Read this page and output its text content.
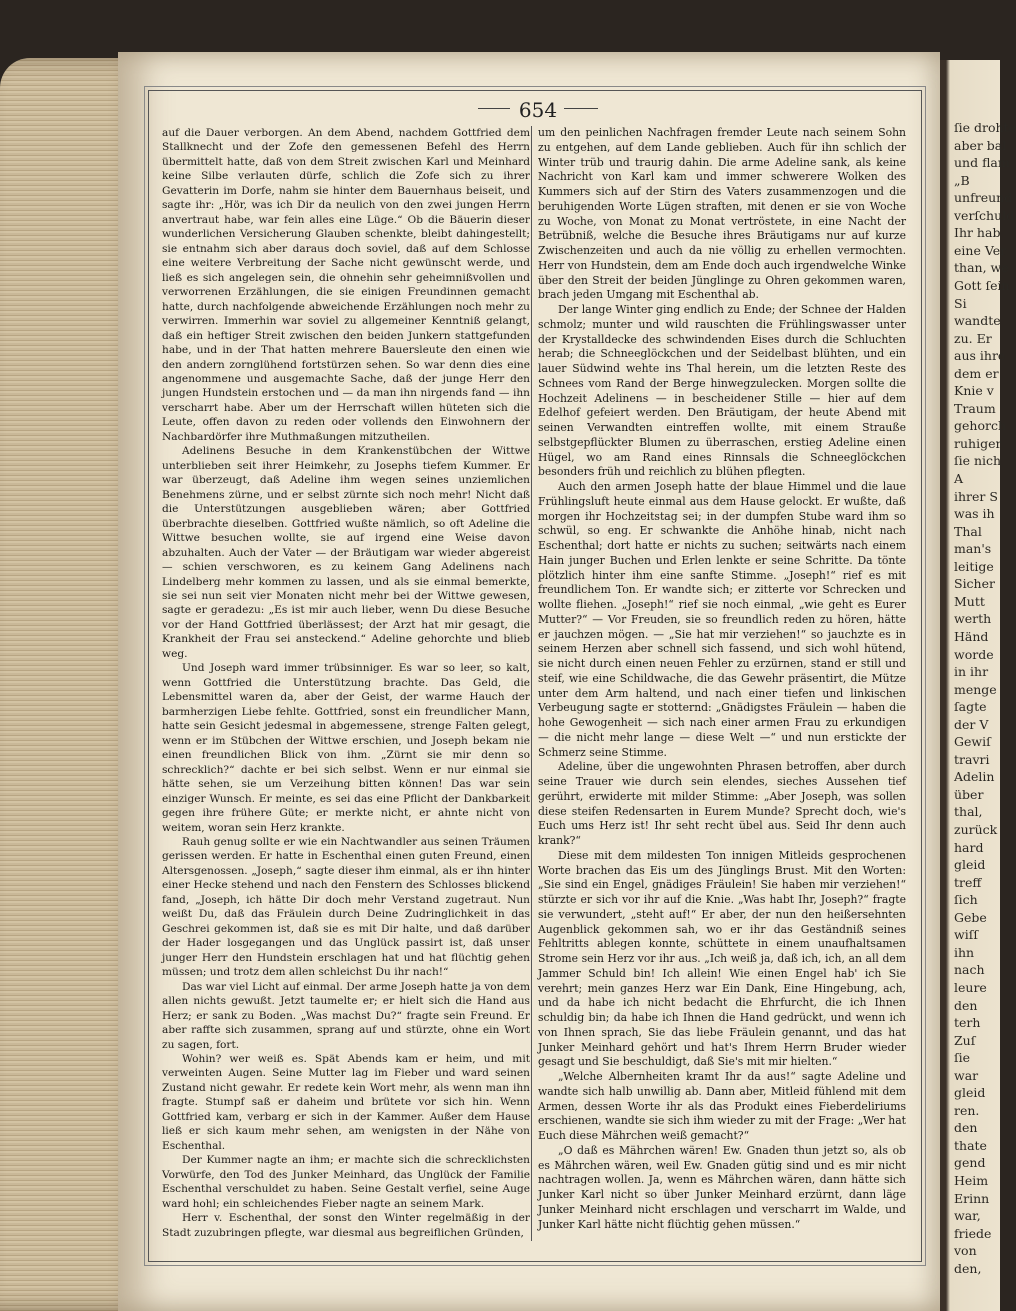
ſie drohte
aber bal
und flam
„B
unfreund
verſchuld
Ihr hab
eine Ver
than, we
Gott ſein
Si
wandte
zu. Er
aus ihre
dem er
Knie v
Traum
gehorch
ruhiger
ſie nich
A
ihrer S
was ih
Thal
man's
leitige
Sicher
Mutt
werth
Händ
worde
in ihr
menge
ſagte
der V
Gewiſ
travri
Adelin
über
thal,
zurück
hard
gleid
treff
ſich
Gebe
wiſſ
ihn
nach
leure
den
terh
Zuſ
ſie
war
gleid
ren.
den
thate
gend
Heim
Erinn
war,
friede
von
den,
654

auf die Dauer verborgen. An dem Abend, nachdem Gottfried dem Stallknecht und der Zofe den gemessenen Befehl des Herrn übermittelt hatte, daß von dem Streit zwischen Karl und Meinhard keine Silbe verlauten dürfe, schlich die Zofe sich zu ihrer Gevatterin im Dorfe, nahm sie hinter dem Bauernhaus beiseit, und sagte ihr: „Hör, was ich Dir da neulich von den zwei jungen Herrn anvertraut habe, war fein alles eine Lüge.“ Ob die Bäuerin dieser wunderlichen Versicherung Glauben schenkte, bleibt dahingestellt; sie entnahm sich aber daraus doch soviel, daß auf dem Schlosse eine weitere Verbreitung der Sache nicht gewünscht werde, und ließ es sich angelegen sein, die ohnehin sehr geheimnißvollen und verworrenen Erzählungen, die sie einigen Freundinnen gemacht hatte, durch nachfolgende abweichende Erzählungen noch mehr zu verwirren. Immerhin war soviel zu allgemeiner Kenntniß gelangt, daß ein heftiger Streit zwischen den beiden Junkern stattgefunden habe, und in der That hatten mehrere Bauersleute den einen wie den andern zornglühend fortstürzen sehen. So war denn dies eine angenommene und ausgemachte Sache, daß der junge Herr den jungen Hundstein erstochen und — da man ihn nirgends fand — ihn verscharrt habe. Aber um der Herrschaft willen hüteten sich die Leute, offen davon zu reden oder vollends den Einwohnern der Nachbardörfer ihre Muthmaßungen mitzutheilen.

Adelinens Besuche in dem Krankenstübchen der Wittwe unterblieben seit ihrer Heimkehr, zu Josephs tiefem Kummer. Er war überzeugt, daß Adeline ihm wegen seines unziemlichen Benehmens zürne, und er selbst zürnte sich noch mehr! Nicht daß die Unterstützungen ausgeblieben wären; aber Gottfried überbrachte dieselben. Gottfried wußte nämlich, so oft Adeline die Wittwe besuchen wollte, sie auf irgend eine Weise davon abzuhalten. Auch der Vater — der Bräutigam war wieder abgereist — schien verschworen, es zu keinem Gang Adelinens nach Lindelberg mehr kommen zu lassen, und als sie einmal bemerkte, sie sei nun seit vier Monaten nicht mehr bei der Wittwe gewesen, sagte er geradezu: „Es ist mir auch lieber, wenn Du diese Besuche vor der Hand Gottfried überlässest; der Arzt hat mir gesagt, die Krankheit der Frau sei ansteckend.“ Adeline gehorchte und blieb weg.

Und Joseph ward immer trübsinniger. Es war so leer, so kalt, wenn Gottfried die Unterstützung brachte. Das Geld, die Lebensmittel waren da, aber der Geist, der warme Hauch der barmherzigen Liebe fehlte. Gottfried, sonst ein freundlicher Mann, hatte sein Gesicht jedesmal in abgemessene, strenge Falten gelegt, wenn er im Stübchen der Wittwe erschien, und Joseph bekam nie einen freundlichen Blick von ihm. „Zürnt sie mir denn so schrecklich?“ dachte er bei sich selbst. Wenn er nur einmal sie hätte sehen, sie um Verzeihung bitten können! Das war sein einziger Wunsch. Er meinte, es sei das eine Pflicht der Dankbarkeit gegen ihre frühere Güte; er merkte nicht, er ahnte nicht von weitem, woran sein Herz krankte.

Rauh genug sollte er wie ein Nachtwandler aus seinen Träumen gerissen werden. Er hatte in Eschenthal einen guten Freund, einen Altersgenossen. „Joseph,“ sagte dieser ihm einmal, als er ihn hinter einer Hecke stehend und nach den Fenstern des Schlosses blickend fand, „Joseph, ich hätte Dir doch mehr Verstand zugetraut. Nun weißt Du, daß das Fräulein durch Deine Zudringlichkeit in das Geschrei gekommen ist, daß sie es mit Dir halte, und daß darüber der Hader losgegangen und das Unglück passirt ist, daß unser junger Herr den Hundstein erschlagen hat und hat flüchtig gehen müssen; und trotz dem allen schleichst Du ihr nach!“

Das war viel Licht auf einmal. Der arme Joseph hatte ja von dem allen nichts gewußt. Jetzt taumelte er; er hielt sich die Hand aus Herz; er sank zu Boden. „Was machst Du?“ fragte sein Freund. Er aber raffte sich zusammen, sprang auf und stürzte, ohne ein Wort zu sagen, fort.

Wohin? wer weiß es. Spät Abends kam er heim, und mit verweinten Augen. Seine Mutter lag im Fieber und ward seinen Zustand nicht gewahr. Er redete kein Wort mehr, als wenn man ihn fragte. Stumpf saß er daheim und brütete vor sich hin. Wenn Gottfried kam, verbarg er sich in der Kammer. Außer dem Hause ließ er sich kaum mehr sehen, am wenigsten in der Nähe von Eschenthal.

Der Kummer nagte an ihm; er machte sich die schrecklichsten Vorwürfe, den Tod des Junker Meinhard, das Unglück der Familie Eschenthal verschuldet zu haben. Seine Gestalt verfiel, seine Auge ward hohl; ein schleichendes Fieber nagte an seinem Mark.

Herr v. Eschenthal, der sonst den Winter regelmäßig in der Stadt zuzubringen pflegte, war diesmal aus begreiflichen Gründen,

um den peinlichen Nachfragen fremder Leute nach seinem Sohn zu entgehen, auf dem Lande geblieben. Auch für ihn schlich der Winter trüb und traurig dahin. Die arme Adeline sank, als keine Nachricht von Karl kam und immer schwerere Wolken des Kummers sich auf der Stirn des Vaters zusammenzogen und die beruhigenden Worte Lügen straften, mit denen er sie von Woche zu Woche, von Monat zu Monat vertröstete, in eine Nacht der Betrübniß, welche die Besuche ihres Bräutigams nur auf kurze Zwischenzeiten und auch da nie völlig zu erhellen vermochten. Herr von Hundstein, dem am Ende doch auch irgendwelche Winke über den Streit der beiden Jünglinge zu Ohren gekommen waren, brach jeden Umgang mit Eschenthal ab.

Der lange Winter ging endlich zu Ende; der Schnee der Halden schmolz; munter und wild rauschten die Frühlingswasser unter der Krystalldecke des schwindenden Eises durch die Schluchten herab; die Schneeglöckchen und der Seidelbast blühten, und ein lauer Südwind wehte ins Thal herein, um die letzten Reste des Schnees vom Rand der Berge hinwegzulecken. Morgen sollte die Hochzeit Adelinens — in bescheidener Stille — hier auf dem Edelhof gefeiert werden. Den Bräutigam, der heute Abend mit seinen Verwandten eintreffen wollte, mit einem Strauße selbstgepflückter Blumen zu überraschen, erstieg Adeline einen Hügel, wo am Rand eines Rinnsals die Schneeglöckchen besonders früh und reichlich zu blühen pflegten.

Auch den armen Joseph hatte der blaue Himmel und die laue Frühlingsluft heute einmal aus dem Hause gelockt. Er wußte, daß morgen ihr Hochzeitstag sei; in der dumpfen Stube ward ihm so schwül, so eng. Er schwankte die Anhöhe hinab, nicht nach Eschenthal; dort hatte er nichts zu suchen; seitwärts nach einem Hain junger Buchen und Erlen lenkte er seine Schritte. Da tönte plötzlich hinter ihm eine sanfte Stimme. „Joseph!“ rief es mit freundlichem Ton. Er wandte sich; er zitterte vor Schrecken und wollte fliehen. „Joseph!“ rief sie noch einmal, „wie geht es Eurer Mutter?“ — Vor Freuden, sie so freundlich reden zu hören, hätte er jauchzen mögen. — „Sie hat mir verziehen!“ so jauchzte es in seinem Herzen aber schnell sich fassend, und sich wohl hütend, sie nicht durch einen neuen Fehler zu erzürnen, stand er still und steif, wie eine Schildwache, die das Gewehr präsentirt, die Mütze unter dem Arm haltend, und nach einer tiefen und linkischen Verbeugung sagte er stotternd: „Gnädigstes Fräulein — haben die hohe Gewogenheit — sich nach einer armen Frau zu erkundigen — die nicht mehr lange — diese Welt —“ und nun erstickte der Schmerz seine Stimme.

Adeline, über die ungewohnten Phrasen betroffen, aber durch seine Trauer wie durch sein elendes, sieches Aussehen tief gerührt, erwiderte mit milder Stimme: „Aber Joseph, was sollen diese steifen Redensarten in Eurem Munde? Sprecht doch, wie's Euch ums Herz ist! Ihr seht recht übel aus. Seid Ihr denn auch krank?“

Diese mit dem mildesten Ton innigen Mitleids gesprochenen Worte brachen das Eis um des Jünglings Brust. Mit den Worten: „Sie sind ein Engel, gnädiges Fräulein! Sie haben mir verziehen!“ stürzte er sich vor ihr auf die Knie. „Was habt Ihr, Joseph?“ fragte sie verwundert, „steht auf!“ Er aber, der nun den heißersehnten Augenblick gekommen sah, wo er ihr das Geständniß seines Fehltritts ablegen konnte, schüttete in einem unaufhaltsamen Strome sein Herz vor ihr aus. „Ich weiß ja, daß ich, ich, an all dem Jammer Schuld bin! Ich allein! Wie einen Engel hab' ich Sie verehrt; mein ganzes Herz war Ein Dank, Eine Hingebung, ach, und da habe ich nicht bedacht die Ehrfurcht, die ich Ihnen schuldig bin; da habe ich Ihnen die Hand gedrückt, und wenn ich von Ihnen sprach, Sie das liebe Fräulein genannt, und das hat Junker Meinhard gehört und hat's Ihrem Herrn Bruder wieder gesagt und Sie beschuldigt, daß Sie's mit mir hielten.“

„Welche Albernheiten kramt Ihr da aus!“ sagte Adeline und wandte sich halb unwillig ab. Dann aber, Mitleid fühlend mit dem Armen, dessen Worte ihr als das Produkt eines Fieberdeliriums erschienen, wandte sie sich ihm wieder zu mit der Frage: „Wer hat Euch diese Mährchen weiß gemacht?“

„O daß es Mährchen wären! Ew. Gnaden thun jetzt so, als ob es Mährchen wären, weil Ew. Gnaden gütig sind und es mir nicht nachtragen wollen. Ja, wenn es Mährchen wären, dann hätte sich Junker Karl nicht so über Junker Meinhard erzürnt, dann läge Junker Meinhard nicht erschlagen und verscharrt im Walde, und Junker Karl hätte nicht flüchtig gehen müssen.“
